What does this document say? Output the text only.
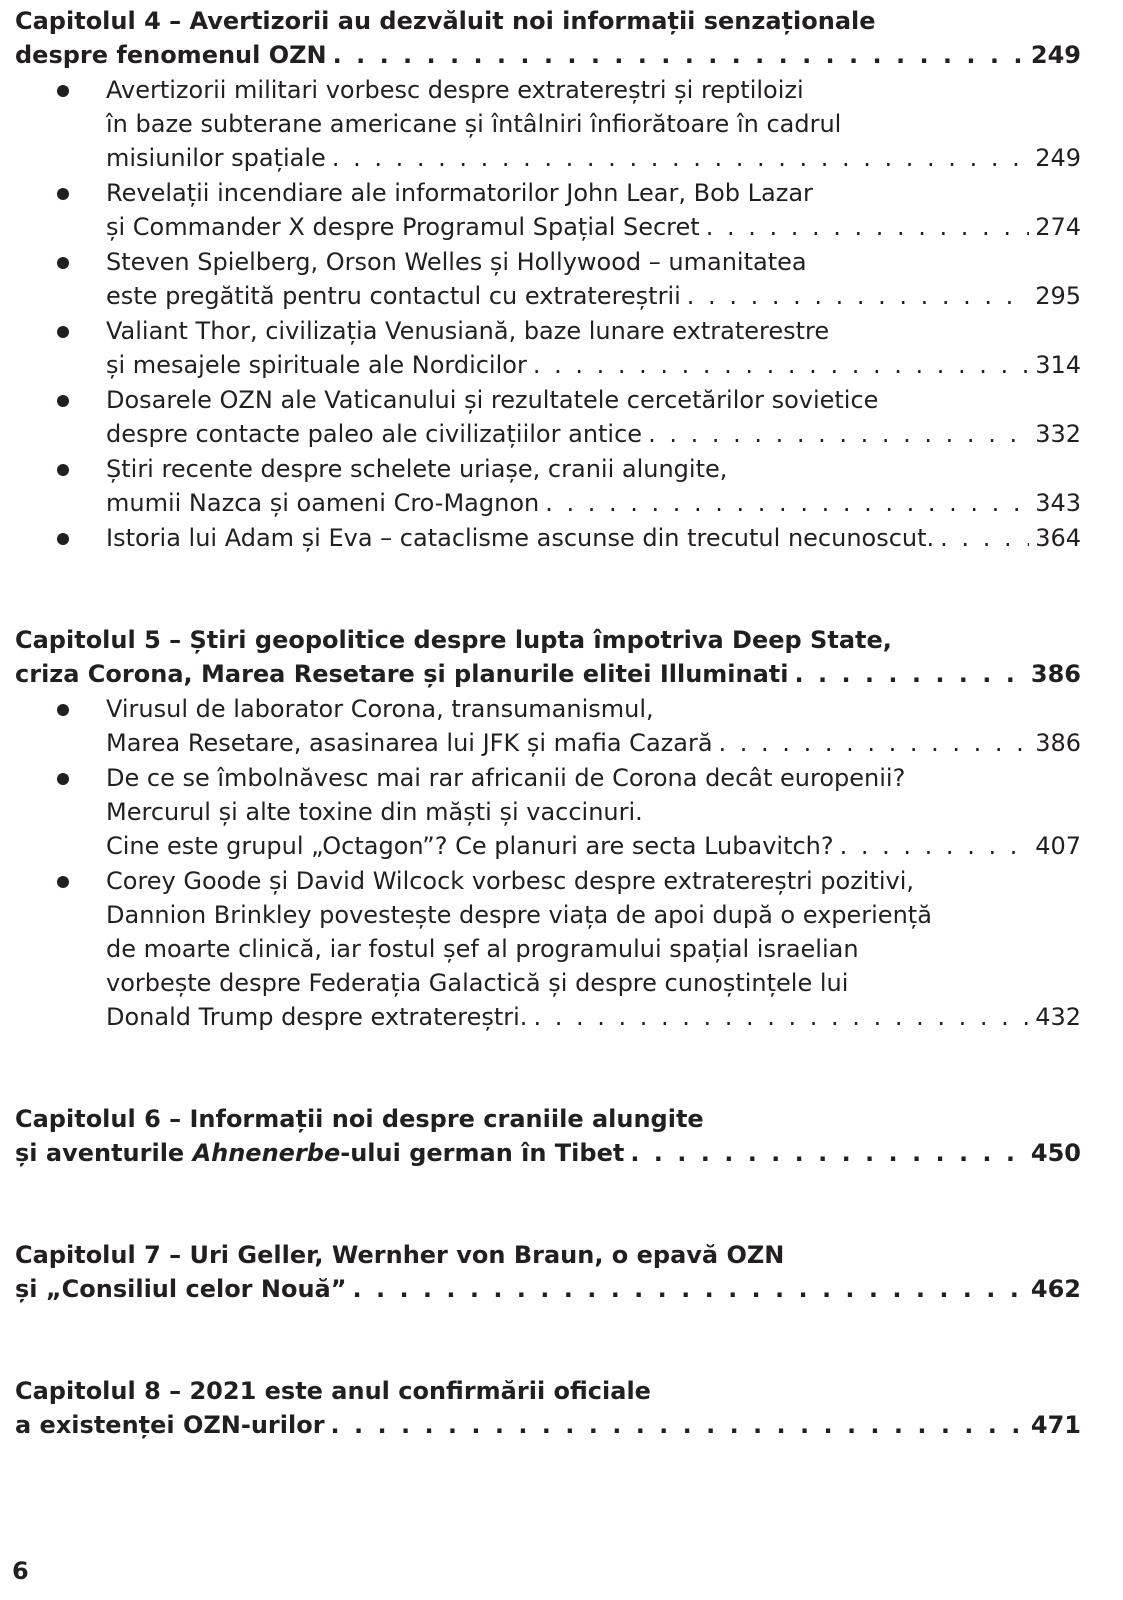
Capitolul 4 – Avertizorii au dezvăluit noi informații senzaționale
despre fenomenul OZN . . .	249
Avertizorii militari vorbesc despre extratereștri și reptiloizi
în baze subterane americane și întâlniri înfiorătoare în cadrul
misiunilor spațiale . . .	249
Revelații incendiare ale informatorilor John Lear, Bob Lazar
și Commander X despre Programul Spațial Secret . . .	274
Steven Spielberg, Orson Welles și Hollywood – umanitatea
este pregătită pentru contactul cu extratereștrii . . .	295
Valiant Thor, civilizația Venusiană, baze lunare extraterestre
și mesajele spirituale ale Nordicilor . . .	314
Dosarele OZN ale Vaticanului și rezultatele cercetărilor sovietice
despre contacte paleo ale civilizațiilor antice . . .	332
Știri recente despre schelete uriașe, cranii alungite,
mumii Nazca și oameni Cro-Magnon . . .	343
Istoria lui Adam și Eva – cataclisme ascunse din trecutul necunoscut. . . .	364
Capitolul 5 – Știri geopolitice despre lupta împotriva Deep State,
criza Corona, Marea Resetare și planurile elitei Illuminati . . .	386
Virusul de laborator Corona, transumanismul,
Marea Resetare, asasinarea lui JFK și mafia Cazară . . .	386
De ce se îmbolnăvesc mai rar africanii de Corona decât europenii?
Mercurul și alte toxine din măști și vaccinuri.
Cine este grupul „Octagon”? Ce planuri are secta Lubavitch? . . .	407
Corey Goode și David Wilcock vorbesc despre extratereștri pozitivi,
Dannion Brinkley povestește despre viața de apoi după o experiență
de moarte clinică, iar fostul șef al programului spațial israelian
vorbește despre Federația Galactică și despre cunoștințele lui
Donald Trump despre extratereștri. . . .	432
Capitolul 6 – Informații noi despre craniile alungite
și aventurile Ahnenerbe-ului german în Tibet . . .	450
Capitolul 7 – Uri Geller, Wernher von Braun, o epavă OZN
și „Consiliul celor Nouă” . . .	462
Capitolul 8 – 2021 este anul confirmării oficiale
a existenței OZN-urilor . . .	471
6
